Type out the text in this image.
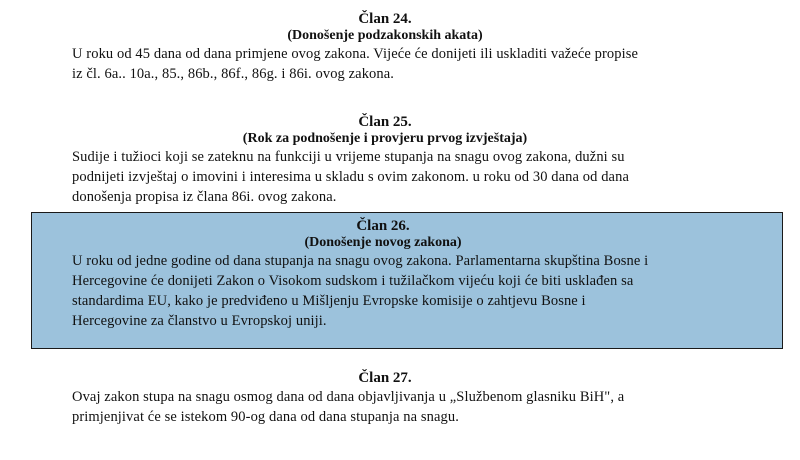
Član 24.
(Donošenje podzakonskih akata)

U roku od 45 dana od dana primjene ovog zakona. Vijeće će donijeti ili uskladiti važeće propise

iz čl. 6a.. 10a., 85., 86b., 86f., 86g. i 86i. ovog zakona.

Član 25.
(Rok za podnošenje i provjeru prvog izvještaja)

Sudije i tužioci koji se zateknu na funkciji u vrijeme stupanja na snagu ovog zakona, dužni su

podnijeti izvještaj o imovini i interesima u skladu s ovim zakonom. u roku od 30 dana od dana

donošenja propisa iz člana 86i. ovog zakona.

Član 26.
(Donošenje novog zakona)

U roku od jedne godine od dana stupanja na snagu ovog zakona. Parlamentarna skupština Bosne i

Hercegovine će donijeti Zakon o Visokom sudskom i tužilačkom vijeću koji će biti usklađen sa

standardima EU, kako je predviđeno u Mišljenju Evropske komisije o zahtjevu Bosne i

Hercegovine za članstvo u Evropskoj uniji.

Član 27.

Ovaj zakon stupa na snagu osmog dana od dana objavljivanja u „Službenom glasniku BiH", a

primjenjivat će se istekom 90-og dana od dana stupanja na snagu.
